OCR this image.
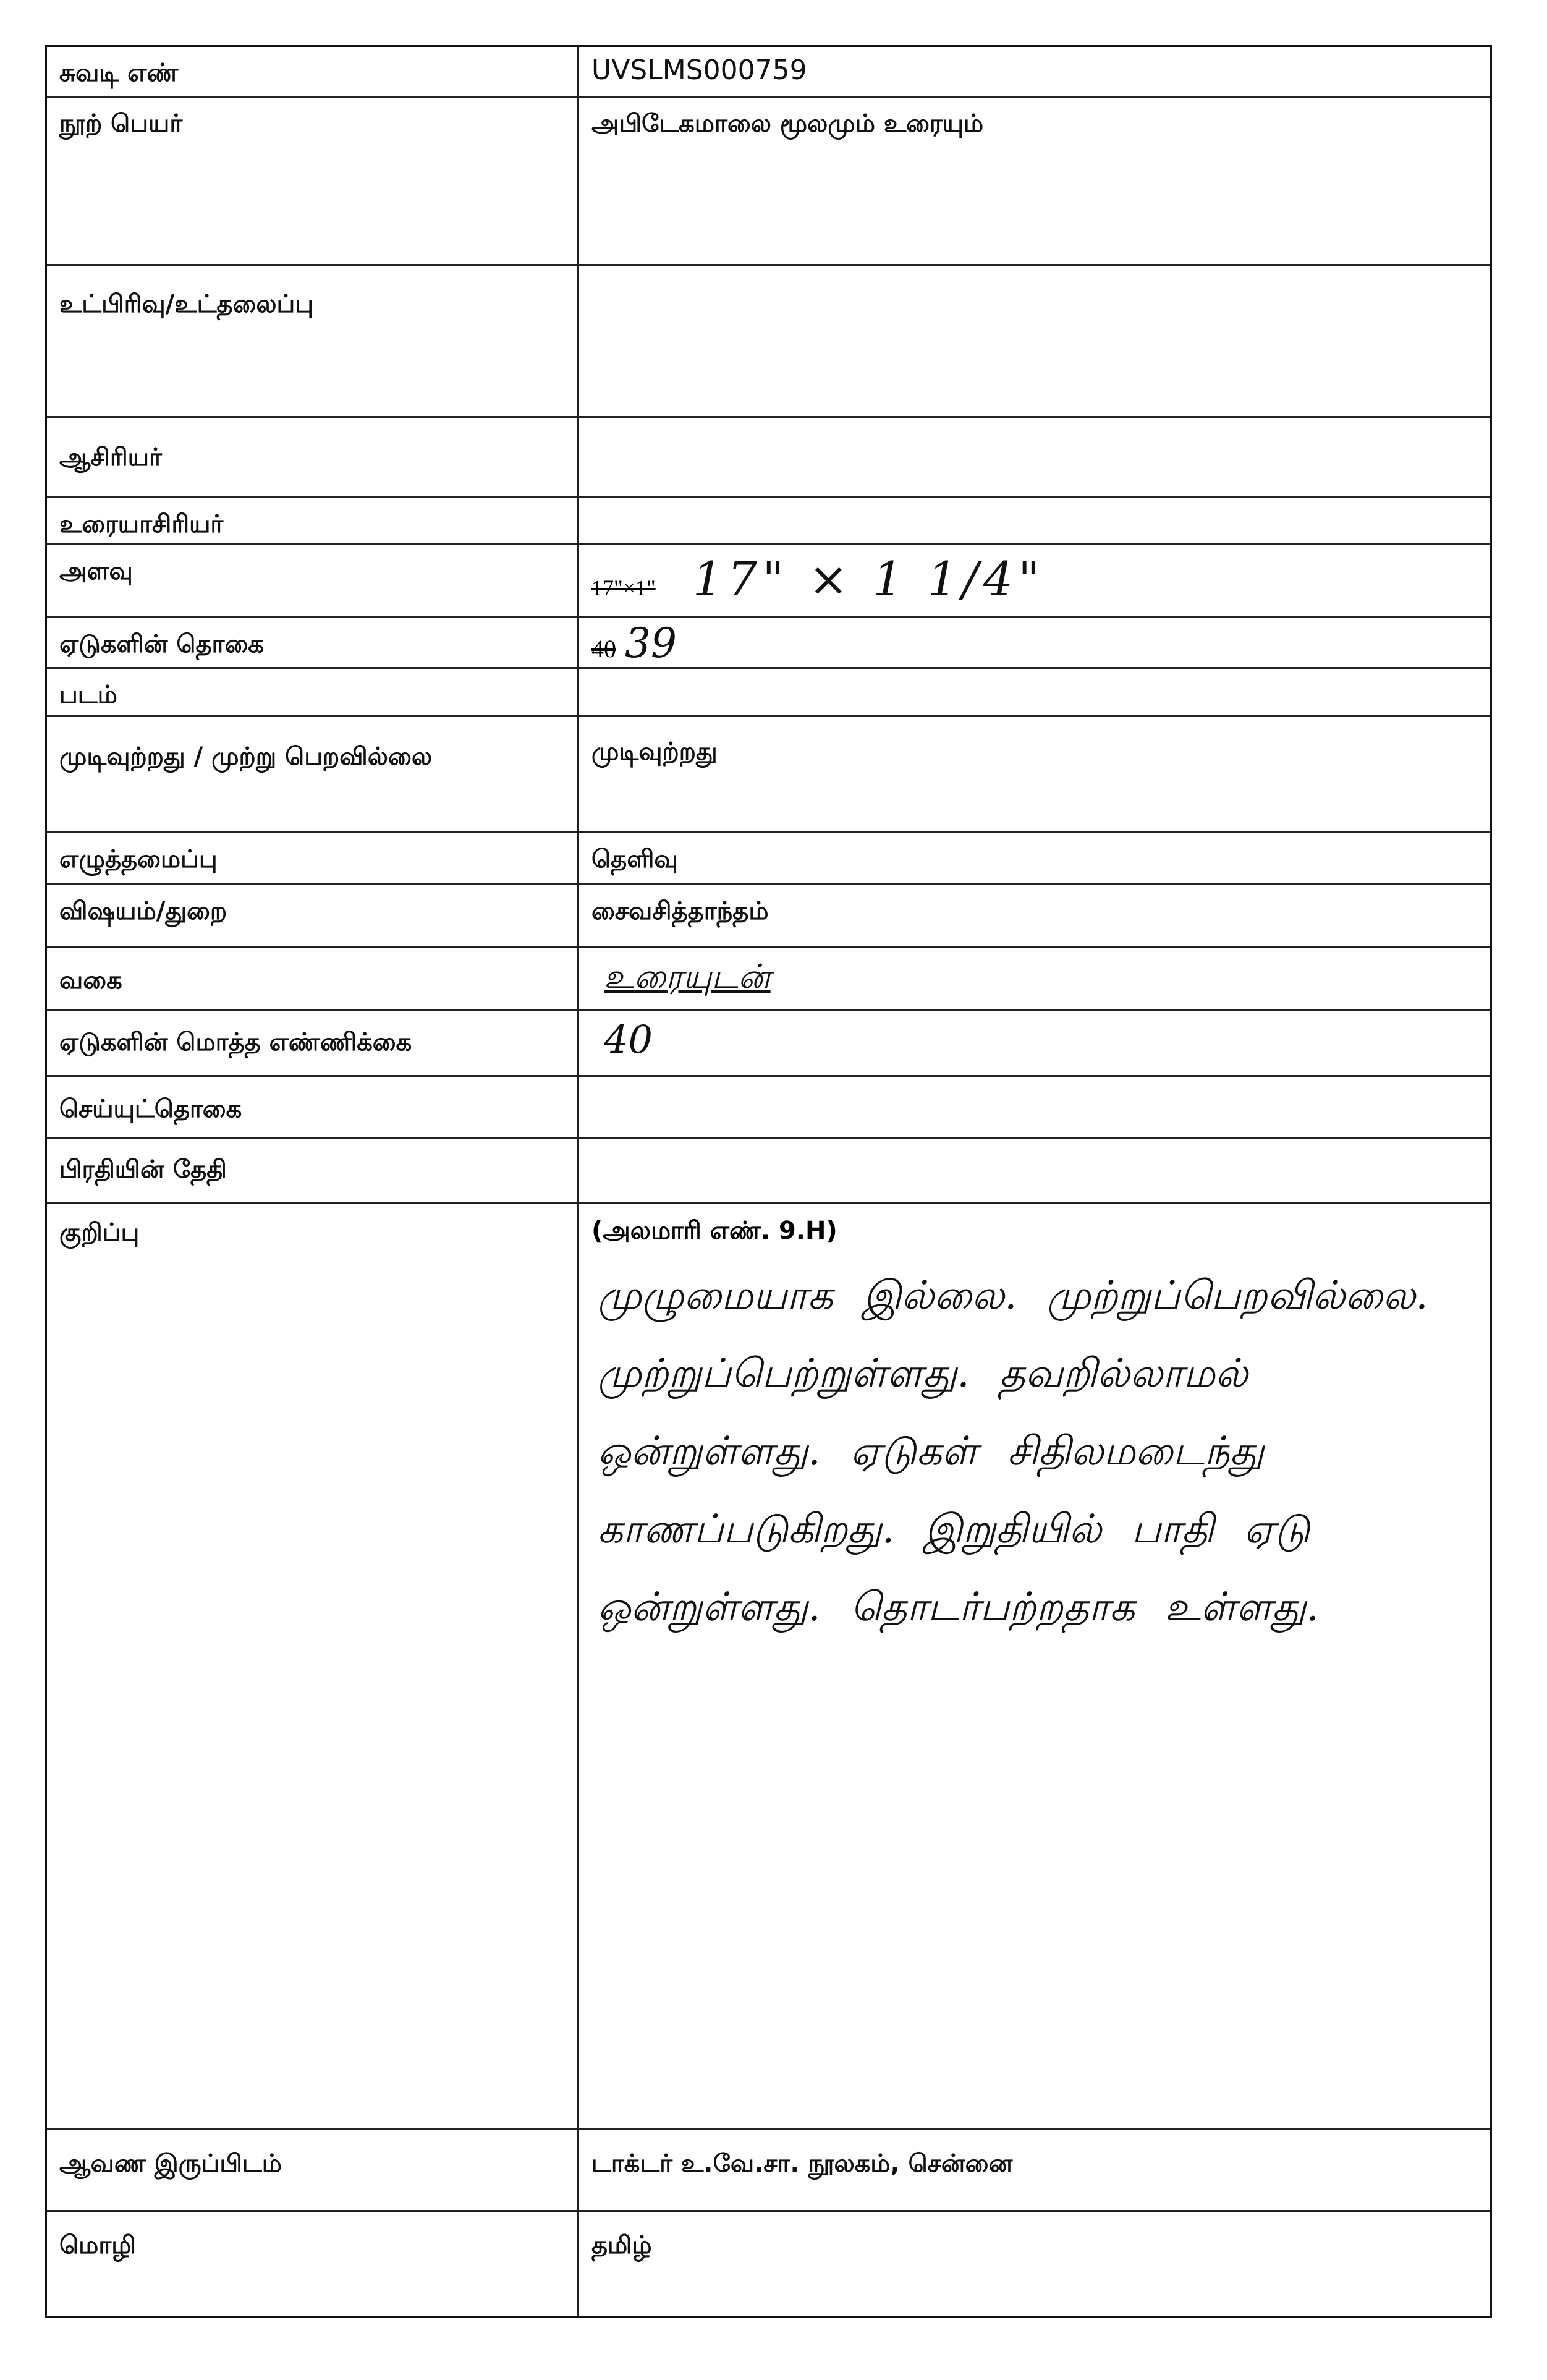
சுவடி எண்	UVSLMS000759

நூற் பெயர்	அபிடேகமாலை மூலமும் உரையும்

உட்பிரிவு/உட்தலைப்பு	

ஆசிரியர்	

உரையாசிரியர்	

அளவு	17"×1" 17" × 1 1/4"

ஏடுகளின் தொகை	40 39

படம்	

முடிவுற்றது / முற்று பெறவில்லை	முடிவுற்றது

எழுத்தமைப்பு	தெளிவு

விஷயம்/துறை	சைவசித்தாந்தம்

வகை	உரையுடன்

ஏடுகளின் மொத்த எண்ணிக்கை	40

செய்யுட்தொகை	

பிரதியின் தேதி	

குறிப்பு	(அலமாரி எண். 9.H)
முழுமையாக இல்லை. முற்றுப்பெறவில்லை. முற்றுப்பெற்றுள்ளது. தவறில்லாமல் ஒன்றுள்ளது. ஏடுகள் சிதிலமடைந்து காணப்படுகிறது. இறுதியில் பாதி ஏடு ஒன்றுள்ளது. தொடர்பற்றதாக உள்ளது.

ஆவண இருப்பிடம்	டாக்டர் உ.வே.சா. நூலகம், சென்னை

மொழி	தமிழ்
